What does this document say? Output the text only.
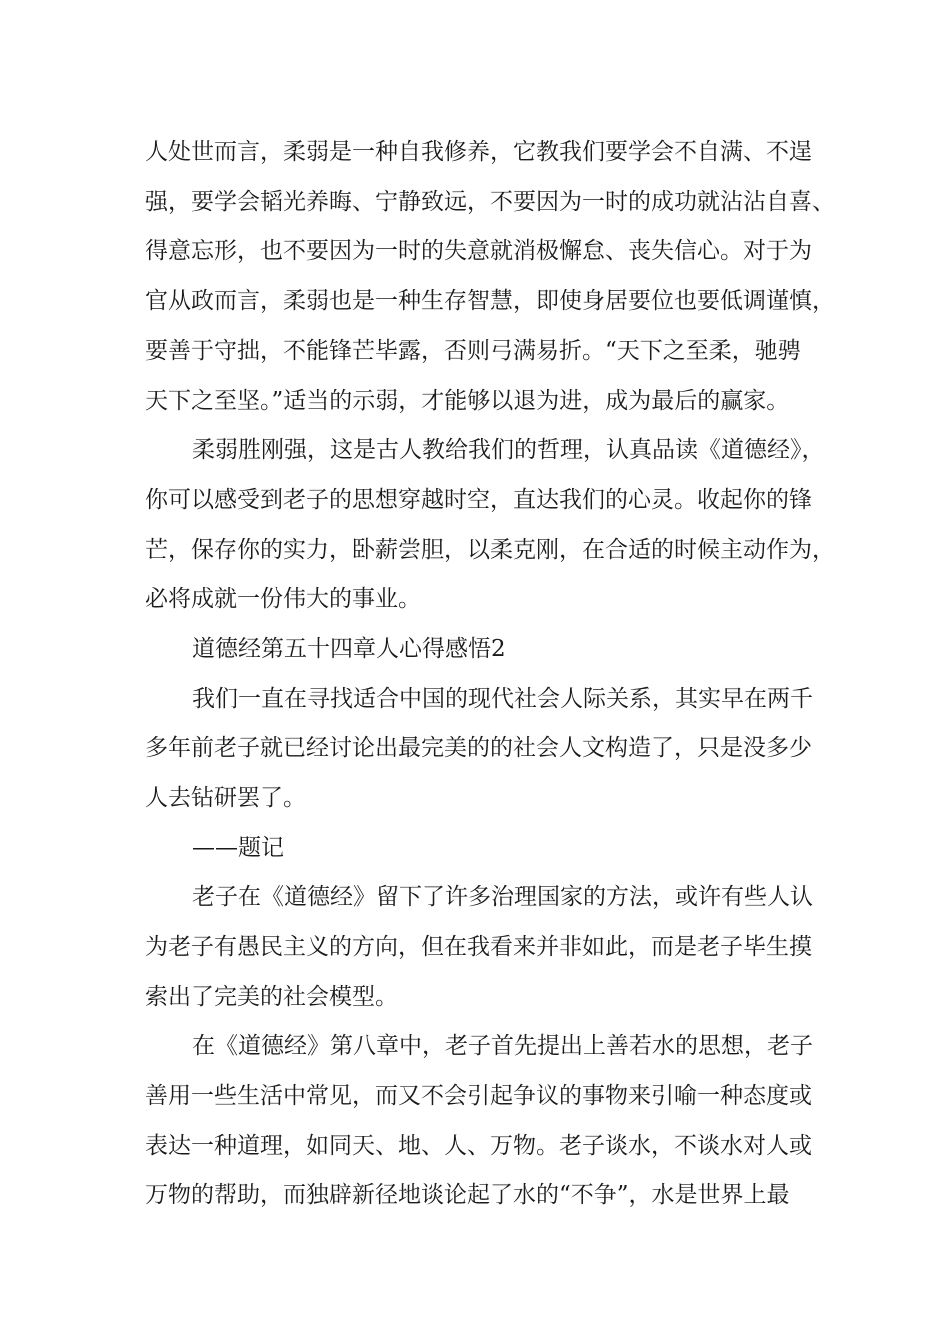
人处世而言，柔弱是一种自我修养，它教我们要学会不自满、不逞

强，要学会韬光养晦、宁静致远，不要因为一时的成功就沾沾自喜、

得意忘形，也不要因为一时的失意就消极懈怠、丧失信心。对于为

官从政而言，柔弱也是一种生存智慧，即使身居要位也要低调谨慎，

要善于守拙，不能锋芒毕露，否则弓满易折。“天下之至柔，驰骋

天下之至坚。”适当的示弱，才能够以退为进，成为最后的赢家。

柔弱胜刚强，这是古人教给我们的哲理，认真品读《道德经》，

你可以感受到老子的思想穿越时空，直达我们的心灵。收起你的锋

芒，保存你的实力，卧薪尝胆，以柔克刚，在合适的时候主动作为，

必将成就一份伟大的事业。

道德经第五十四章人心得感悟2

我们一直在寻找适合中国的现代社会人际关系，其实早在两千

多年前老子就已经讨论出最完美的的社会人文构造了，只是没多少

人去钻研罢了。

——题记

老子在《道德经》留下了许多治理国家的方法，或许有些人认

为老子有愚民主义的方向，但在我看来并非如此，而是老子毕生摸

索出了完美的社会模型。

在《道德经》第八章中，老子首先提出上善若水的思想，老子

善用一些生活中常见，而又不会引起争议的事物来引喻一种态度或

表达一种道理，如同天、地、人、万物。老子谈水，不谈水对人或

万物的帮助，而独辟新径地谈论起了水的“不争”，水是世界上最
